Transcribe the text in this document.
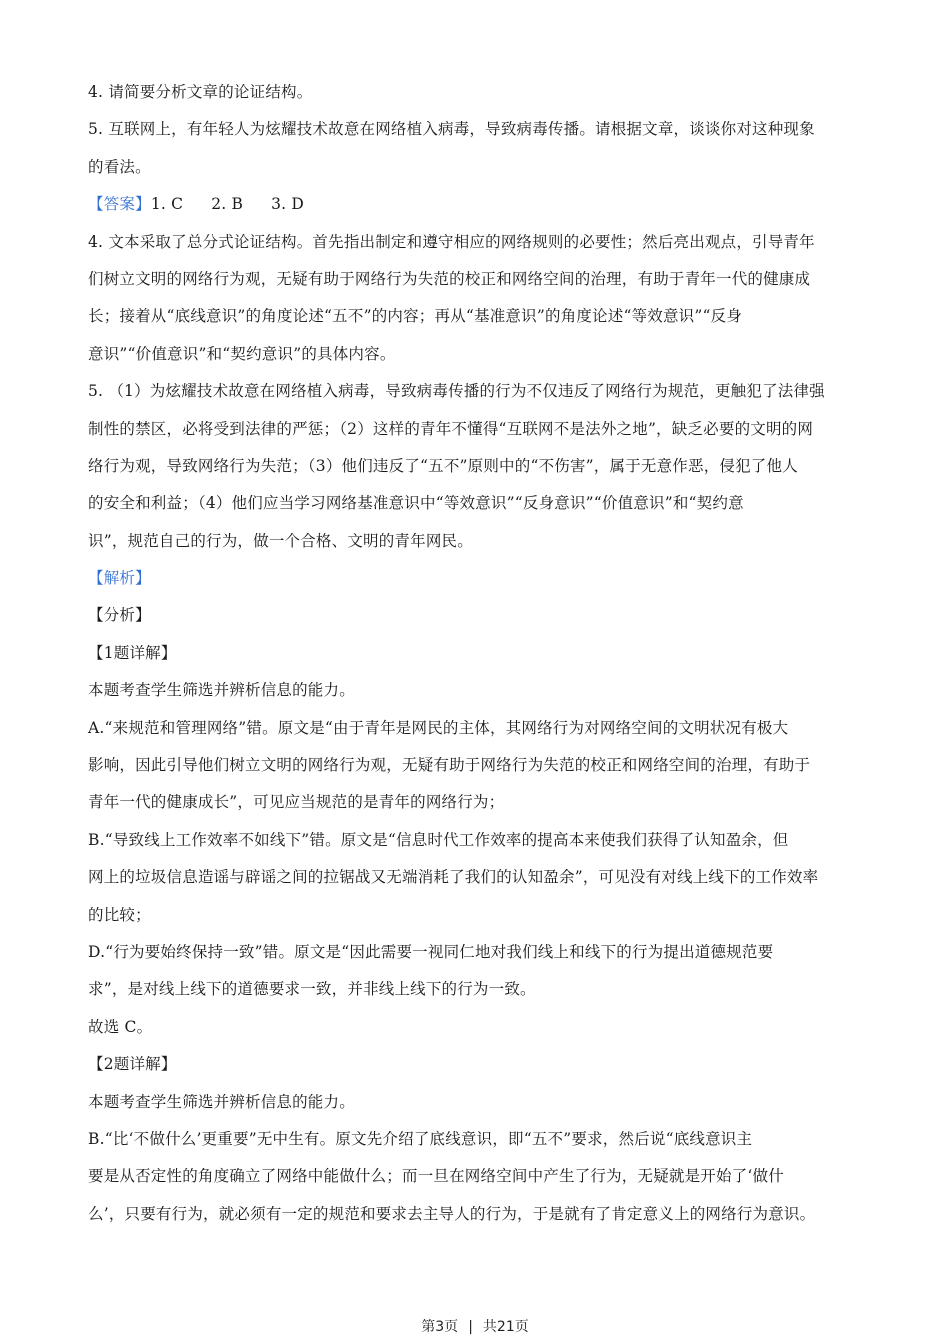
4. 请简要分析文章的论证结构。
5. 互联网上，有年轻人为炫耀技术故意在网络植入病毒，导致病毒传播。请根据文章，谈谈你对这种现象
的看法。
【答案】1. C 2. B 3. D
4. 文本采取了总分式论证结构。首先指出制定和遵守相应的网络规则的必要性；然后亮出观点，引导青年
们树立文明的网络行为观，无疑有助于网络行为失范的校正和网络空间的治理，有助于青年一代的健康成
长；接着从“底线意识”的角度论述“五不”的内容；再从“基准意识”的角度论述“等效意识”“反身
意识”“价值意识”和“契约意识”的具体内容。
5. （1）为炫耀技术故意在网络植入病毒，导致病毒传播的行为不仅违反了网络行为规范，更触犯了法律强
制性的禁区，必将受到法律的严惩；（2）这样的青年不懂得“互联网不是法外之地”，缺乏必要的文明的网
络行为观，导致网络行为失范；（3）他们违反了“五不”原则中的“不伤害”，属于无意作恶，侵犯了他人
的安全和利益；（4）他们应当学习网络基准意识中“等效意识”“反身意识”“价值意识”和“契约意
识”，规范自己的行为，做一个合格、文明的青年网民。
【解析】
【分析】
【1题详解】
本题考查学生筛选并辨析信息的能力。
A.“来规范和管理网络”错。原文是“由于青年是网民的主体，其网络行为对网络空间的文明状况有极大
影响，因此引导他们树立文明的网络行为观，无疑有助于网络行为失范的校正和网络空间的治理，有助于
青年一代的健康成长”，可见应当规范的是青年的网络行为；
B.“导致线上工作效率不如线下”错。原文是“信息时代工作效率的提高本来使我们获得了认知盈余，但
网上的垃圾信息造谣与辟谣之间的拉锯战又无端消耗了我们的认知盈余”，可见没有对线上线下的工作效率
的比较；
D.“行为要始终保持一致”错。原文是“因此需要一视同仁地对我们线上和线下的行为提出道德规范要
求”，是对线上线下的道德要求一致，并非线上线下的行为一致。
故选 C。
【2题详解】
本题考查学生筛选并辨析信息的能力。
B.“比‘不做什么’更重要”无中生有。原文先介绍了底线意识，即“五不”要求，然后说“底线意识主
要是从否定性的角度确立了网络中能做什么；而一旦在网络空间中产生了行为，无疑就是开始了‘做什
么’，只要有行为，就必须有一定的规范和要求去主导人的行为，于是就有了肯定意义上的网络行为意识。
第3页 | 共21页
